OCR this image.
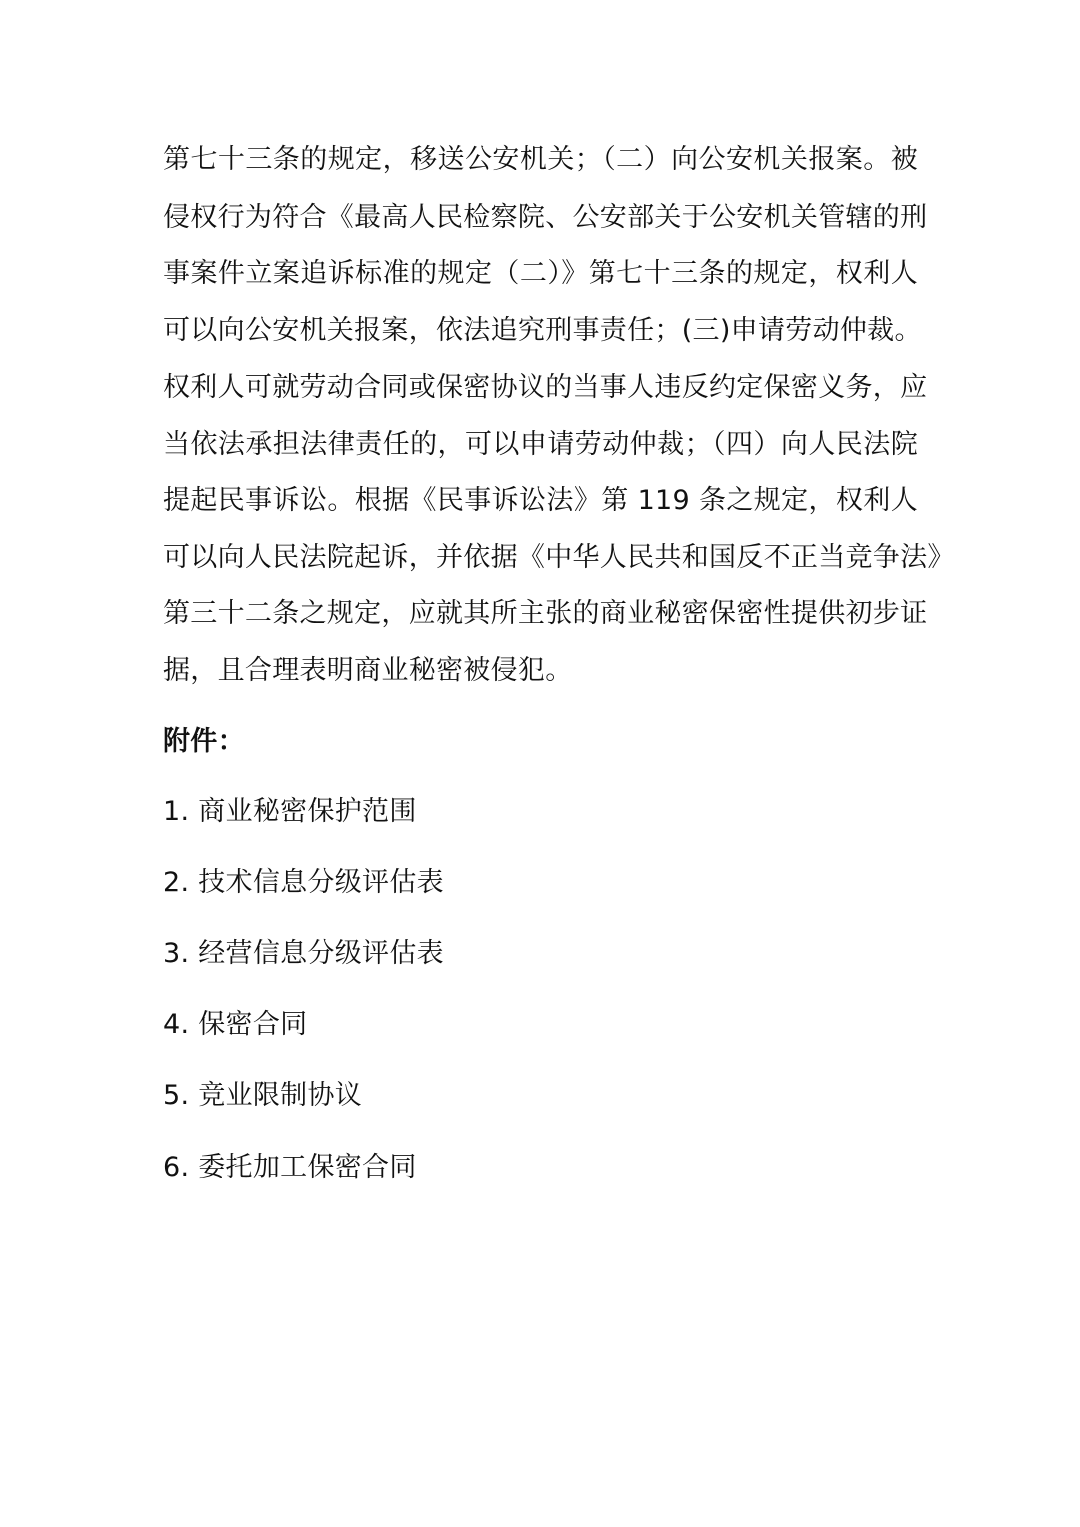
第七十三条的规定，移送公安机关；（二）向公安机关报案。被
侵权行为符合《最高人民检察院、公安部关于公安机关管辖的刑
事案件立案追诉标准的规定（二）》第七十三条的规定，权利人
可以向公安机关报案，依法追究刑事责任；(三)申请劳动仲裁。
权利人可就劳动合同或保密协议的当事人违反约定保密义务，应
当依法承担法律责任的，可以申请劳动仲裁；（四）向人民法院
提起民事诉讼。根据《民事诉讼法》第 119 条之规定，权利人
可以向人民法院起诉，并依据《中华人民共和国反不正当竞争法》
第三十二条之规定，应就其所主张的商业秘密保密性提供初步证
据，且合理表明商业秘密被侵犯。
附件：
1. 商业秘密保护范围
2. 技术信息分级评估表
3. 经营信息分级评估表
4. 保密合同
5. 竞业限制协议
6. 委托加工保密合同
